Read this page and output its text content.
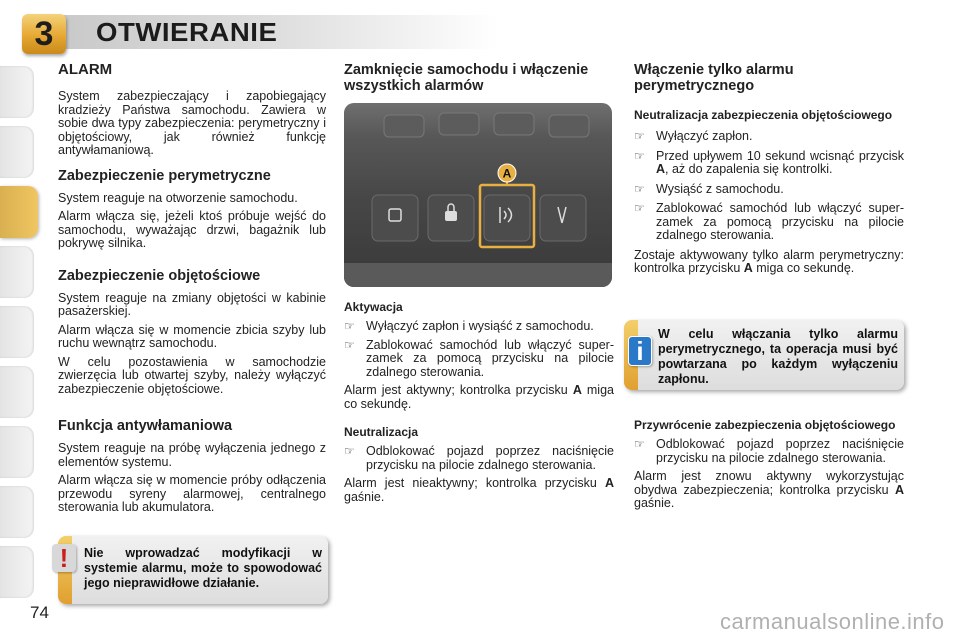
3	OTWIERANIE
ALARM

System zabezpieczający i zapobiegający kradzieży Państwa samochodu. Zawiera w sobie dwa typy zabezpieczenia: perymetryczny i objętościowy, jak również funkcję antywłamaniową.

Zabezpieczenie perymetryczne

System reaguje na otworzenie samochodu.

Alarm włącza się, jeżeli ktoś próbuje wejść do samochodu, wyważając drzwi, bagażnik lub pokrywę silnika.

Zabezpieczenie objętościowe

System reaguje na zmiany objętości w kabinie pasażerskiej.

Alarm włącza się w momencie zbicia szyby lub ruchu wewnątrz samochodu.

W celu pozostawienia w samochodzie zwierzęcia lub otwartej szyby, należy wyłączyć zabezpieczenie objętościowe.

Funkcja antywłamaniowa

System reaguje na próbę wyłączenia jednego z elementów systemu.

Alarm włącza się w momencie próby odłączenia przewodu syreny alarmowej, centralnego sterowania lub akumulatora.

!	Nie wprowadzać modyfikacji w systemie alarmu, może to spowodować jego nieprawidłowe działanie.
Zamknięcie samochodu i włączenie wszystkich alarmów
A
Aktywacja
☞ Wyłączyć zapłon i wysiąść z samochodu.
☞ Zablokować samochód lub włączyć super-zamek za pomocą przycisku na pilocie zdalnego sterowania.

Alarm jest aktywny; kontrolka przycisku A miga co sekundę.

Neutralizacja
☞ Odblokować pojazd poprzez naciśnięcie przycisku na pilocie zdalnego sterowania.

Alarm jest nieaktywny; kontrolka przycisku A gaśnie.

Włączenie tylko alarmu perymetrycznego
Neutralizacja zabezpieczenia objętościowego
☞ Wyłączyć zapłon.
☞ Przed upływem 10 sekund wcisnąć przycisk A, aż do zapalenia się kontrolki.
☞ Wysiąść z samochodu.
☞ Zablokować samochód lub włączyć super-zamek za pomocą przycisku na pilocie zdalnego sterowania.

Zostaje aktywowany tylko alarm perymetryczny: kontrolka przycisku A miga co sekundę.

i
W celu włączania tylko alarmu perymetrycznego, ta operacja musi być powtarzana po każdym wyłączeniu zapłonu.
Przywrócenie zabezpieczenia objętościowego
☞ Odblokować pojazd poprzez naciśnięcie przycisku na pilocie zdalnego sterowania.

Alarm jest znowu aktywny wykorzystując obydwa zabezpieczenia; kontrolka przycisku A gaśnie.

74	carmanualsonline.info
